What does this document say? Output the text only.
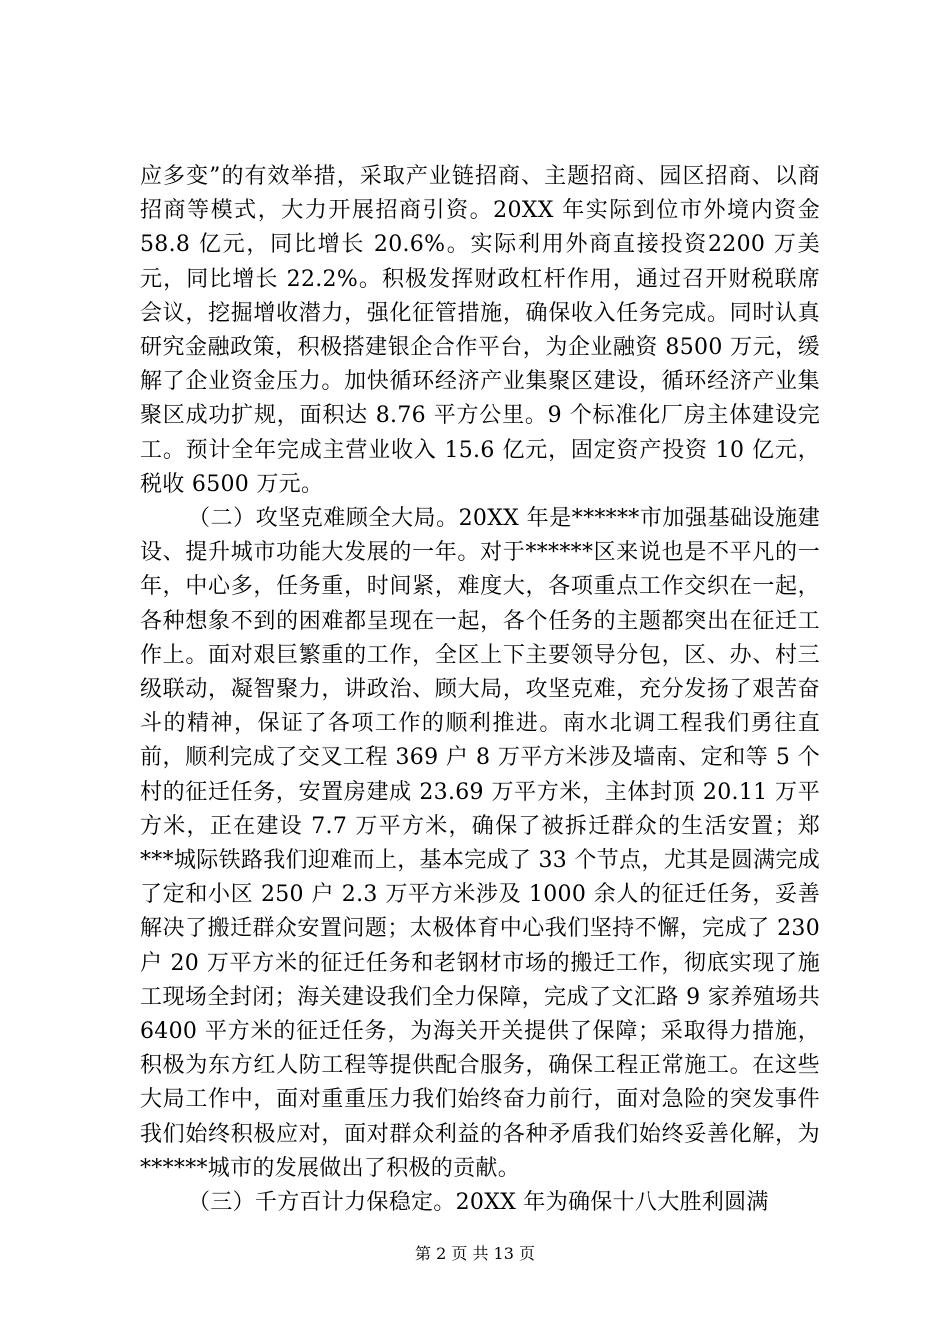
应多变”的有效举措，采取产业链招商、主题招商、园区招商、以商招商等模式，大力开展招商引资。20XX 年实际到位市外境内资金 58.8 亿元，同比增长 20.6%。实际利用外商直接投资2200 万美元，同比增长 22.2%。积极发挥财政杠杆作用，通过召开财税联席会议，挖掘增收潜力，强化征管措施，确保收入任务完成。同时认真研究金融政策，积极搭建银企合作平台，为企业融资 8500 万元，缓解了企业资金压力。加快循环经济产业集聚区建设，循环经济产业集聚区成功扩规，面积达 8.76 平方公里。9 个标准化厂房主体建设完工。预计全年完成主营业收入 15.6 亿元，固定资产投资 10 亿元，税收 6500 万元。

（二）攻坚克难顾全大局。20XX 年是******市加强基础设施建设、提升城市功能大发展的一年。对于******区来说也是不平凡的一年，中心多，任务重，时间紧，难度大，各项重点工作交织在一起，各种想象不到的困难都呈现在一起，各个任务的主题都突出在征迁工作上。面对艰巨繁重的工作，全区上下主要领导分包，区、办、村三级联动，凝智聚力，讲政治、顾大局，攻坚克难，充分发扬了艰苦奋斗的精神，保证了各项工作的顺利推进。南水北调工程我们勇往直前，顺利完成了交叉工程 369 户 8 万平方米涉及墙南、定和等 5 个村的征迁任务，安置房建成 23.69 万平方米，主体封顶 20.11 万平方米，正在建设 7.7 万平方米，确保了被拆迁群众的生活安置；郑***城际铁路我们迎难而上，基本完成了 33 个节点，尤其是圆满完成了定和小区 250 户 2.3 万平方米涉及 1000 余人的征迁任务，妥善解决了搬迁群众安置问题；太极体育中心我们坚持不懈，完成了 230 户 20 万平方米的征迁任务和老钢材市场的搬迁工作，彻底实现了施工现场全封闭；海关建设我们全力保障，完成了文汇路 9 家养殖场共 6400 平方米的征迁任务，为海关开关提供了保障；采取得力措施，积极为东方红人防工程等提供配合服务，确保工程正常施工。在这些大局工作中，面对重重压力我们始终奋力前行，面对急险的突发事件我们始终积极应对，面对群众利益的各种矛盾我们始终妥善化解，为******城市的发展做出了积极的贡献。

（三）千方百计力保稳定。20XX 年为确保十八大胜利圆满

第 2 页 共 13 页
